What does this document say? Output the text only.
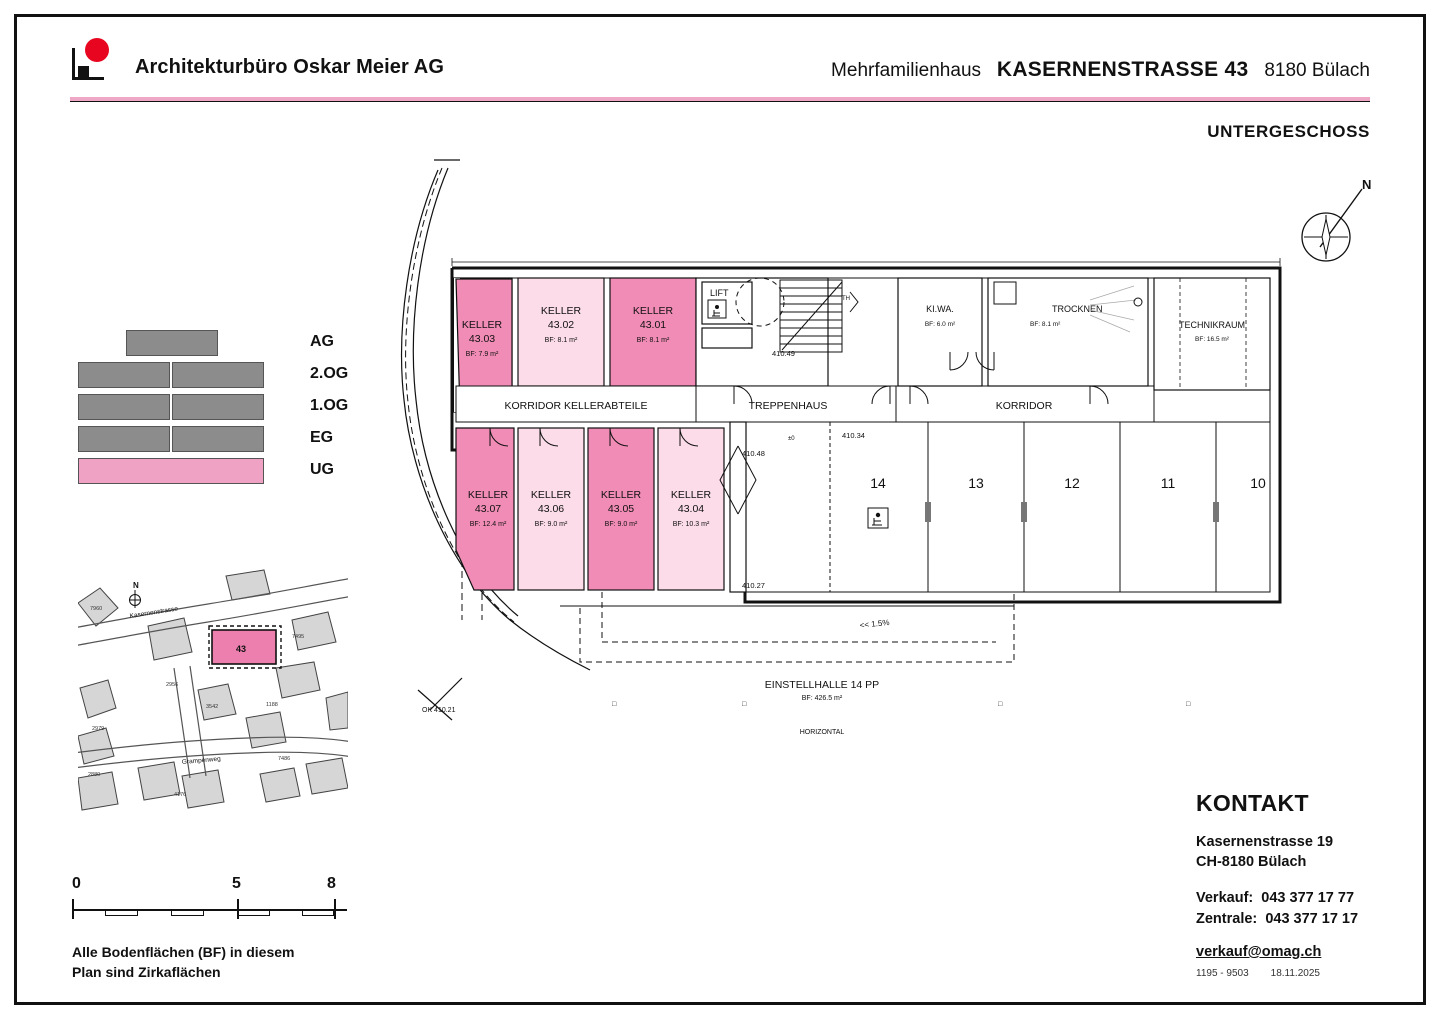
Architekturbüro Oskar Meier AG	Mehrfamilienhaus KASERNENSTRASSE 43 8180 Bülach
UNTERGESCHOSS
AG
2.OG
1.OG
EG
UG
43
7960
2956
3542	1188
2979
4176
7495
2880
7486
Kasernenstrasse
Grampenweg
N
0	5	8
Alle Bodenflächen (BF) in diesem
Plan sind Zirkaflächen
KONTAKT
Kasernenstrasse 19
CH-8180 Bülach
Verkauf: 043 377 17 77
Zentrale: 043 377 17 17
verkauf@omag.ch
1195 - 9503 18.11.2025
N
KORRIDOR KELLERABTEILE
KELLER
43.03
BF: 7.9 m²
KELLER
43.02
BF: 8.1 m²
KELLER
43.01
BF: 8.1 m²
KELLER
43.07
BF: 12.4 m²
KELLER
43.06
BF: 9.0 m²
KELLER
43.05
BF: 9.0 m²
KELLER
43.04
BF: 10.3 m²
LIFT
TH
TREPPENHAUS	KORRIDOR
KI.WA.
BF: 6.0 m²
TROCKNEN
BF: 8.1 m²	TECHNIKRAUM
BF: 16.5 m²
14	13	12	11	10
410.49
410.34
410.48
410.27
±0
<< 1.5%
EINSTELLHALLE 14 PP
BF: 426.5 m²
HORIZONTAL
□	□	□	□
OK 410.21
